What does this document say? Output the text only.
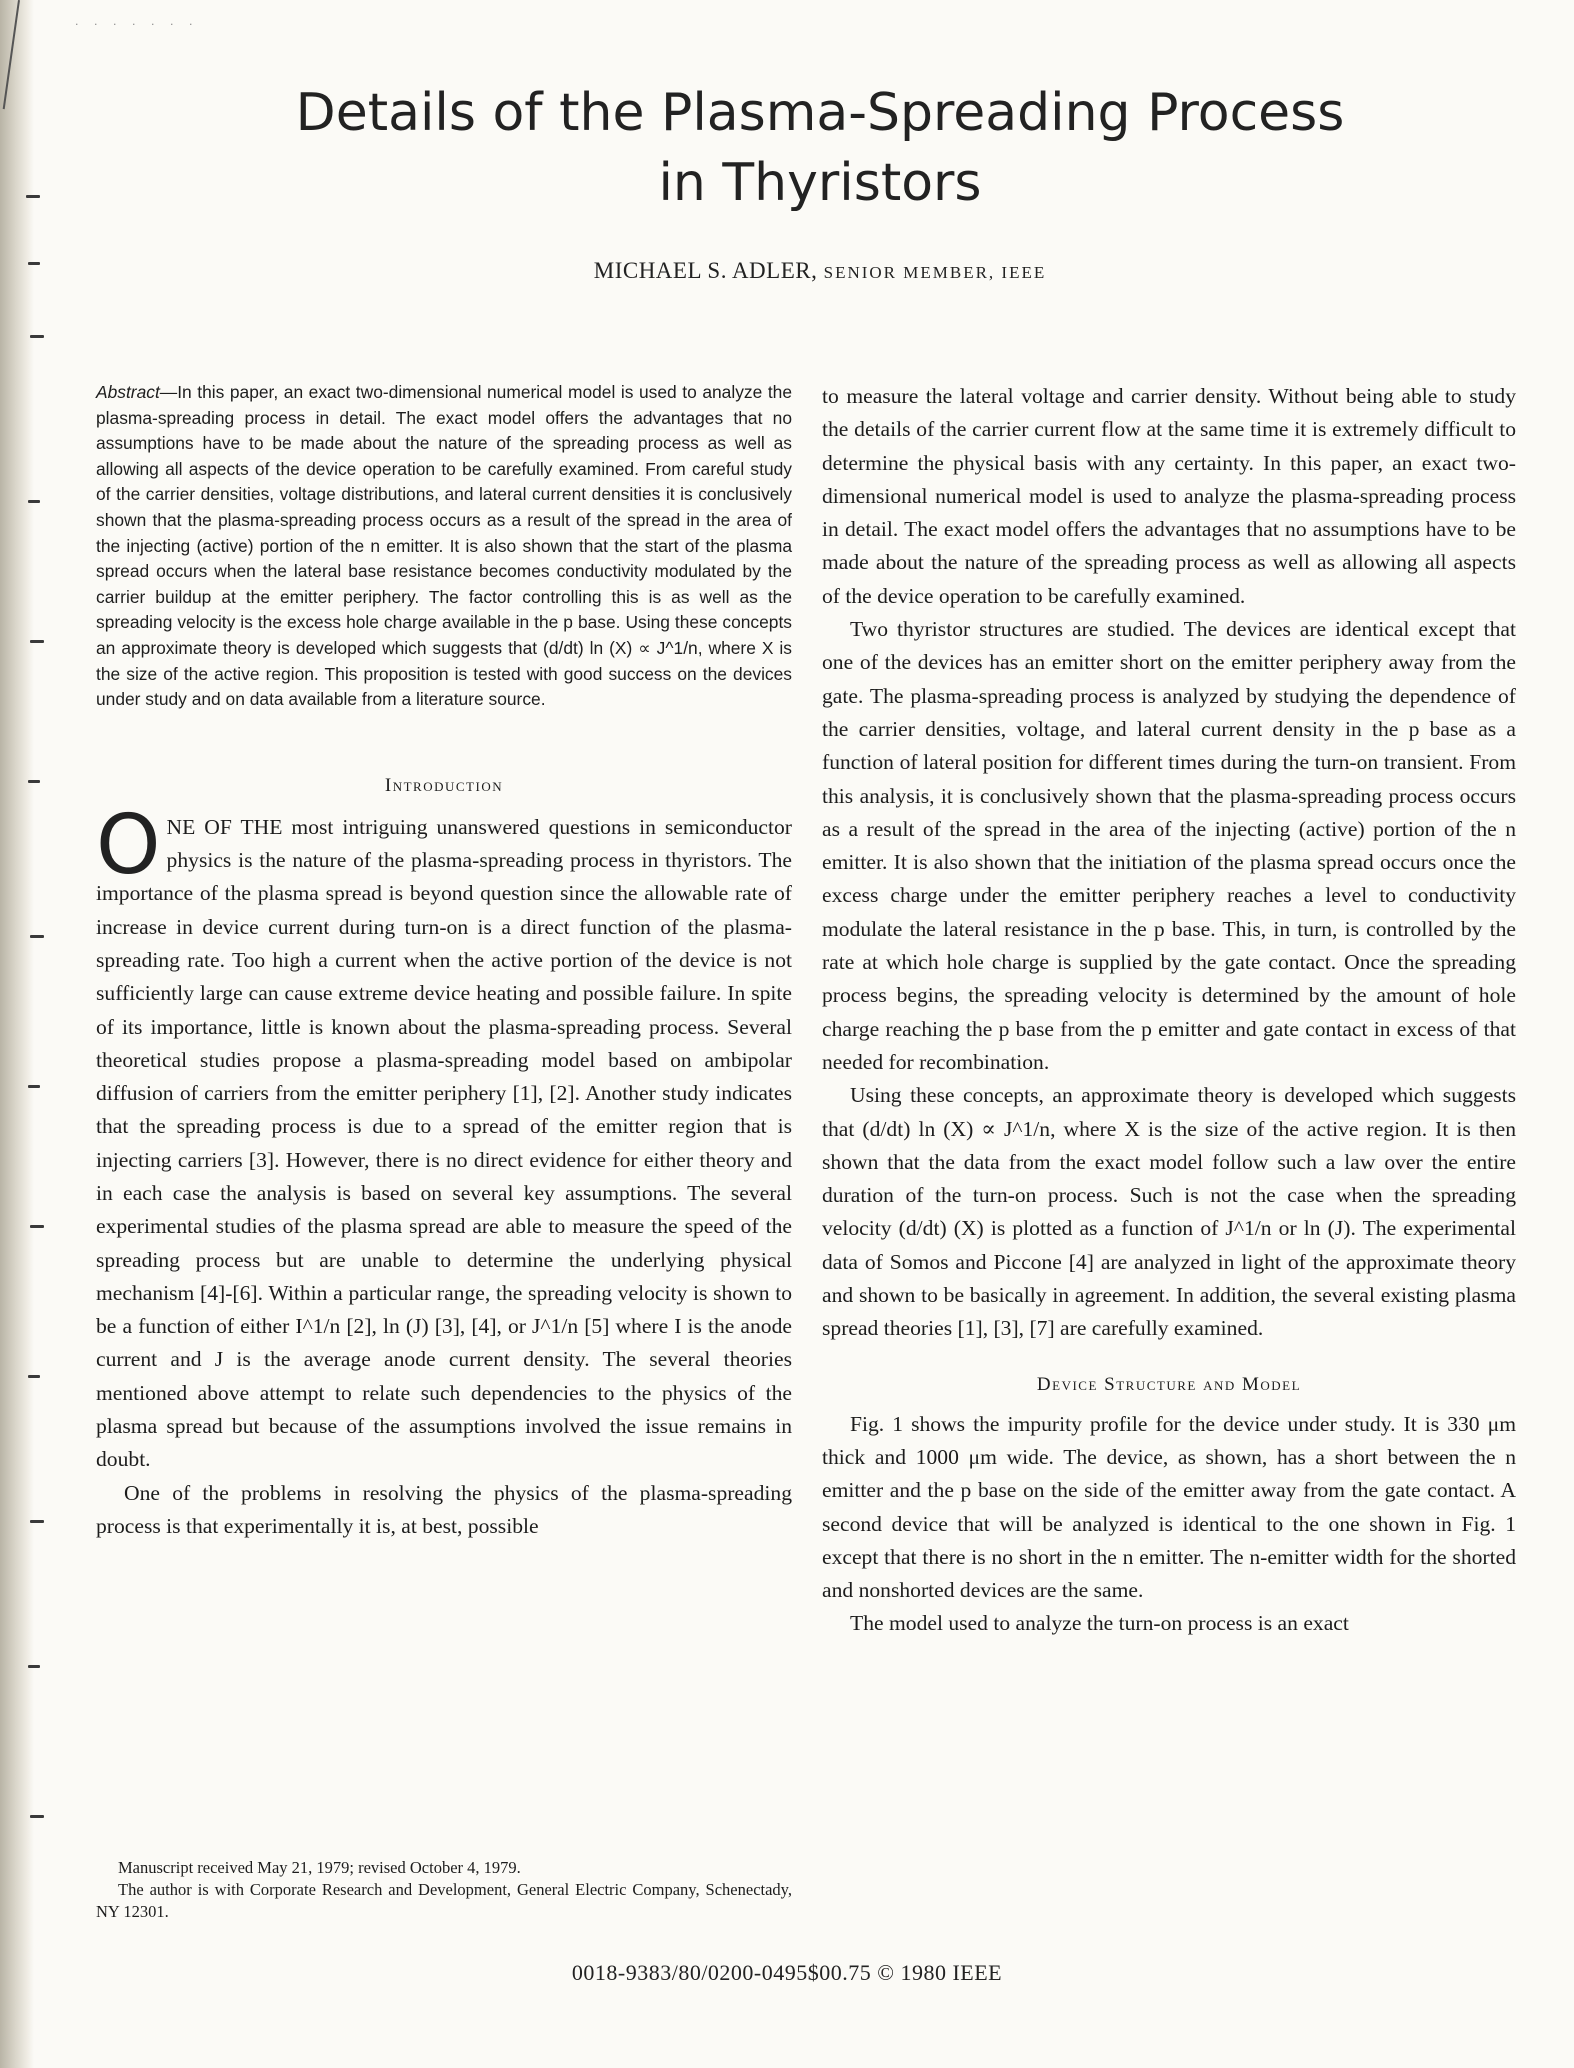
· · · · · · ·
Details of the Plasma-Spreading Process
in Thyristors
MICHAEL S. ADLER, SENIOR MEMBER, IEEE

Abstract—In this paper, an exact two-dimensional numerical model is used to analyze the plasma-spreading process in detail. The exact model offers the advantages that no assumptions have to be made about the nature of the spreading process as well as allowing all aspects of the device operation to be carefully examined. From careful study of the carrier densities, voltage distributions, and lateral current densities it is conclusively shown that the plasma-spreading process occurs as a result of the spread in the area of the injecting (active) portion of the n emitter. It is also shown that the start of the plasma spread occurs when the lateral base resistance becomes conductivity modulated by the carrier buildup at the emitter periphery. The factor controlling this is as well as the spreading velocity is the excess hole charge available in the p base. Using these concepts an approximate theory is developed which suggests that (d/dt) ln (X) ∝ J^1/n, where X is the size of the active region. This proposition is tested with good success on the devices under study and on data available from a literature source.

Introduction

ONE OF THE most intriguing unanswered questions in semiconductor physics is the nature of the plasma-spreading process in thyristors. The importance of the plasma spread is beyond question since the allowable rate of increase in device current during turn-on is a direct function of the plasma-spreading rate. Too high a current when the active portion of the device is not sufficiently large can cause extreme device heating and possible failure. In spite of its importance, little is known about the plasma-spreading process. Several theoretical studies propose a plasma-spreading model based on ambipolar diffusion of carriers from the emitter periphery [1], [2]. Another study indicates that the spreading process is due to a spread of the emitter region that is injecting carriers [3]. However, there is no direct evidence for either theory and in each case the analysis is based on several key assumptions. The several experimental studies of the plasma spread are able to measure the speed of the spreading process but are unable to determine the underlying physical mechanism [4]-[6]. Within a particular range, the spreading velocity is shown to be a function of either I^1/n [2], ln (J) [3], [4], or J^1/n [5] where I is the anode current and J is the average anode current density. The several theories mentioned above attempt to relate such dependencies to the physics of the plasma spread but because of the assumptions involved the issue remains in doubt.

One of the problems in resolving the physics of the plasma-spreading process is that experimentally it is, at best, possible

Manuscript received May 21, 1979; revised October 4, 1979.

The author is with Corporate Research and Development, General Electric Company, Schenectady, NY 12301.

to measure the lateral voltage and carrier density. Without being able to study the details of the carrier current flow at the same time it is extremely difficult to determine the physical basis with any certainty. In this paper, an exact two-dimensional numerical model is used to analyze the plasma-spreading process in detail. The exact model offers the advantages that no assumptions have to be made about the nature of the spreading process as well as allowing all aspects of the device operation to be carefully examined.

Two thyristor structures are studied. The devices are identical except that one of the devices has an emitter short on the emitter periphery away from the gate. The plasma-spreading process is analyzed by studying the dependence of the carrier densities, voltage, and lateral current density in the p base as a function of lateral position for different times during the turn-on transient. From this analysis, it is conclusively shown that the plasma-spreading process occurs as a result of the spread in the area of the injecting (active) portion of the n emitter. It is also shown that the initiation of the plasma spread occurs once the excess charge under the emitter periphery reaches a level to conductivity modulate the lateral resistance in the p base. This, in turn, is controlled by the rate at which hole charge is supplied by the gate contact. Once the spreading process begins, the spreading velocity is determined by the amount of hole charge reaching the p base from the p emitter and gate contact in excess of that needed for recombination.

Using these concepts, an approximate theory is developed which suggests that (d/dt) ln (X) ∝ J^1/n, where X is the size of the active region. It is then shown that the data from the exact model follow such a law over the entire duration of the turn-on process. Such is not the case when the spreading velocity (d/dt) (X) is plotted as a function of J^1/n or ln (J). The experimental data of Somos and Piccone [4] are analyzed in light of the approximate theory and shown to be basically in agreement. In addition, the several existing plasma spread theories [1], [3], [7] are carefully examined.

Device Structure and Model

Fig. 1 shows the impurity profile for the device under study. It is 330 μm thick and 1000 μm wide. The device, as shown, has a short between the n emitter and the p base on the side of the emitter away from the gate contact. A second device that will be analyzed is identical to the one shown in Fig. 1 except that there is no short in the n emitter. The n-emitter width for the shorted and nonshorted devices are the same.

The model used to analyze the turn-on process is an exact

0018-9383/80/0200-0495$00.75 © 1980 IEEE
